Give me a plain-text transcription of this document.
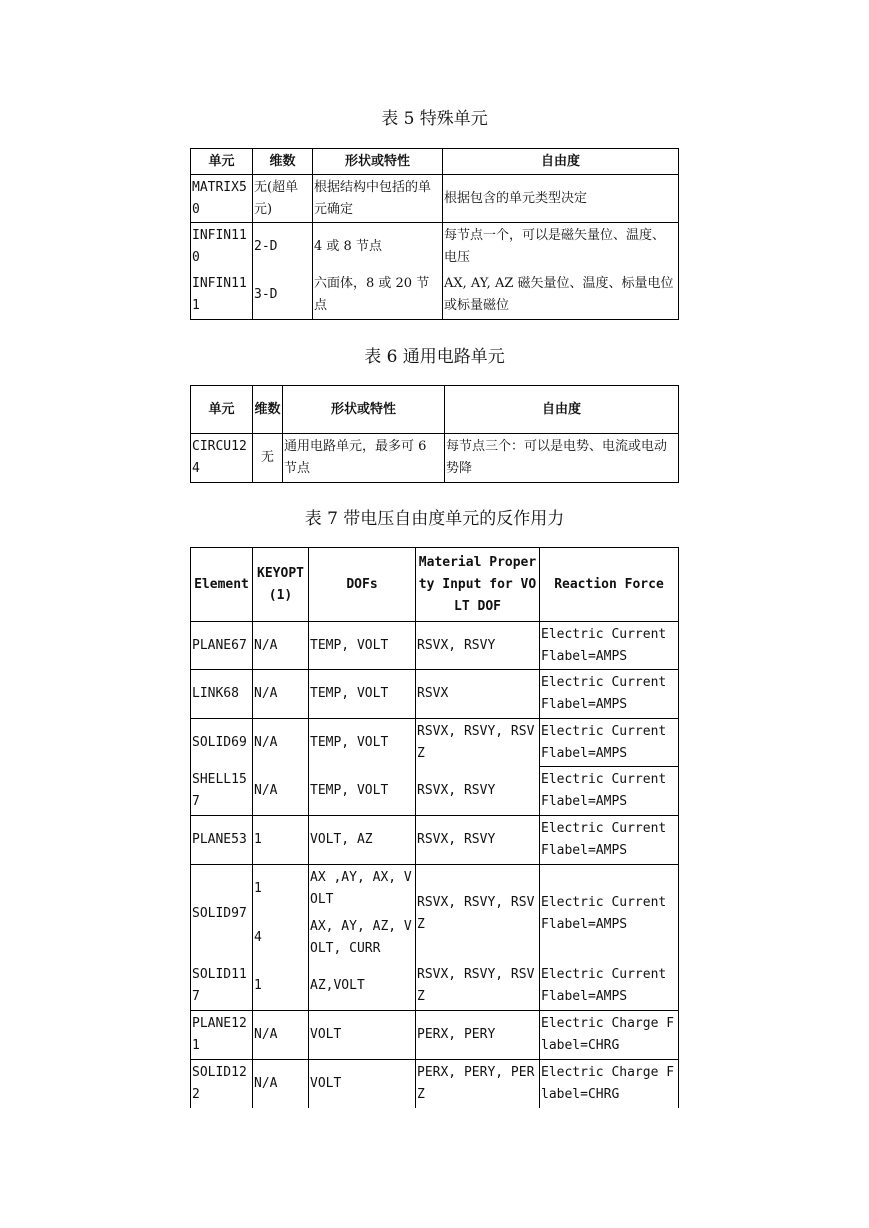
表 5 特殊单元
单元	维数	形状或特性	自由度
MATRIX50	无(超单元)	根据结构中包括的单元确定	根据包含的单元类型决定
INFIN110	2-D	4 或 8 节点	每节点一个，可以是磁矢量位、温度、电压
INFIN111	3-D	六面体，8 或 20 节点	AX, AY, AZ 磁矢量位、温度、标量电位或标量磁位
表 6 通用电路单元
单元	维数	形状或特性	自由度
CIRCU124	无	通用电路单元，最多可 6 节点	每节点三个：可以是电势、电流或电动势降
表 7 带电压自由度单元的反作用力
Element	KEYOPT (1)	DOFs	Material Property Input for VOLT DOF	Reaction Force
PLANE67	N/A	TEMP, VOLT	RSVX, RSVY	Electric Current Flabel=AMPS
LINK68	N/A	TEMP, VOLT	RSVX	Electric Current Flabel=AMPS
SOLID69	N/A	TEMP, VOLT	RSVX, RSVY, RSVZ	Electric Current Flabel=AMPS
SHELL157	N/A	TEMP, VOLT	RSVX, RSVY	Electric Current Flabel=AMPS
PLANE53	1	VOLT, AZ	RSVX, RSVY	Electric Current Flabel=AMPS
SOLID97	1	AX ,AY, AX, VOLT	RSVX, RSVY, RSVZ	Electric Current Flabel=AMPS
	4	AX, AY, AZ, VOLT, CURR		
SOLID117	1	AZ,VOLT	RSVX, RSVY, RSVZ	Electric Current Flabel=AMPS
PLANE121	N/A	VOLT	PERX, PERY	Electric Charge Flabel=CHRG
SOLID122	N/A	VOLT	PERX, PERY, PERZ	Electric Charge Flabel=CHRG
